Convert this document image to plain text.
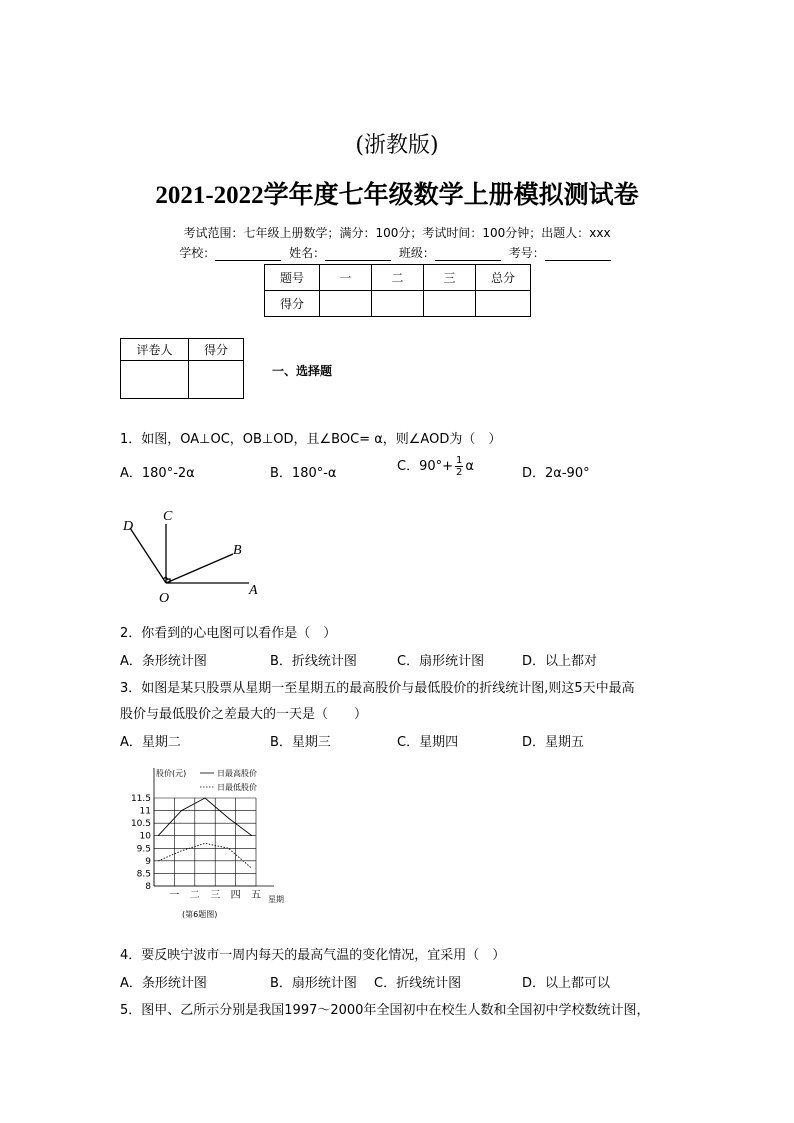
(浙教版)
2021-2022学年度七年级数学上册模拟测试卷
考试范围：七年级上册数学；满分：100分；考试时间：100分钟；出题人：xxx
学校：	姓名：	班级：	考号：
题号	一	二	三	总分
得分				
评卷人	得分

一、选择题
1．如图，OA⊥OC，OB⊥OD，且∠BOC= α，则∠AOD为（　）
A．180°-2α	B．180°-α	C．$90^\circ+ \frac{1}{2}$ α	D．2α-90°
D
C
B
O
A
2．你看到的心电图可以看作是（　）
A．条形统计图	B．折线统计图	C．扇形统计图	D．以上都对
3．如图是某只股票从星期一至星期五的最高股价与最低股价的折线统计图,则这5天中最高
股价与最低股价之差最大的一天是（　　）
A．星期二	B．星期三	C．星期四	D．星期五
11.5
11
10.5
10
9.5
9
8.5
8
一 二 三 四 五
股价(元)	日最高股价
日最低股价
星期
(第6题图)
4．要反映宁波市一周内每天的最高气温的变化情况，宜采用（　）
A．条形统计图	B．扇形统计图 C．折线统计图	D．以上都可以
5．图甲、乙所示分别是我国1997～2000年全国初中在校生人数和全国初中学校数统计图，
